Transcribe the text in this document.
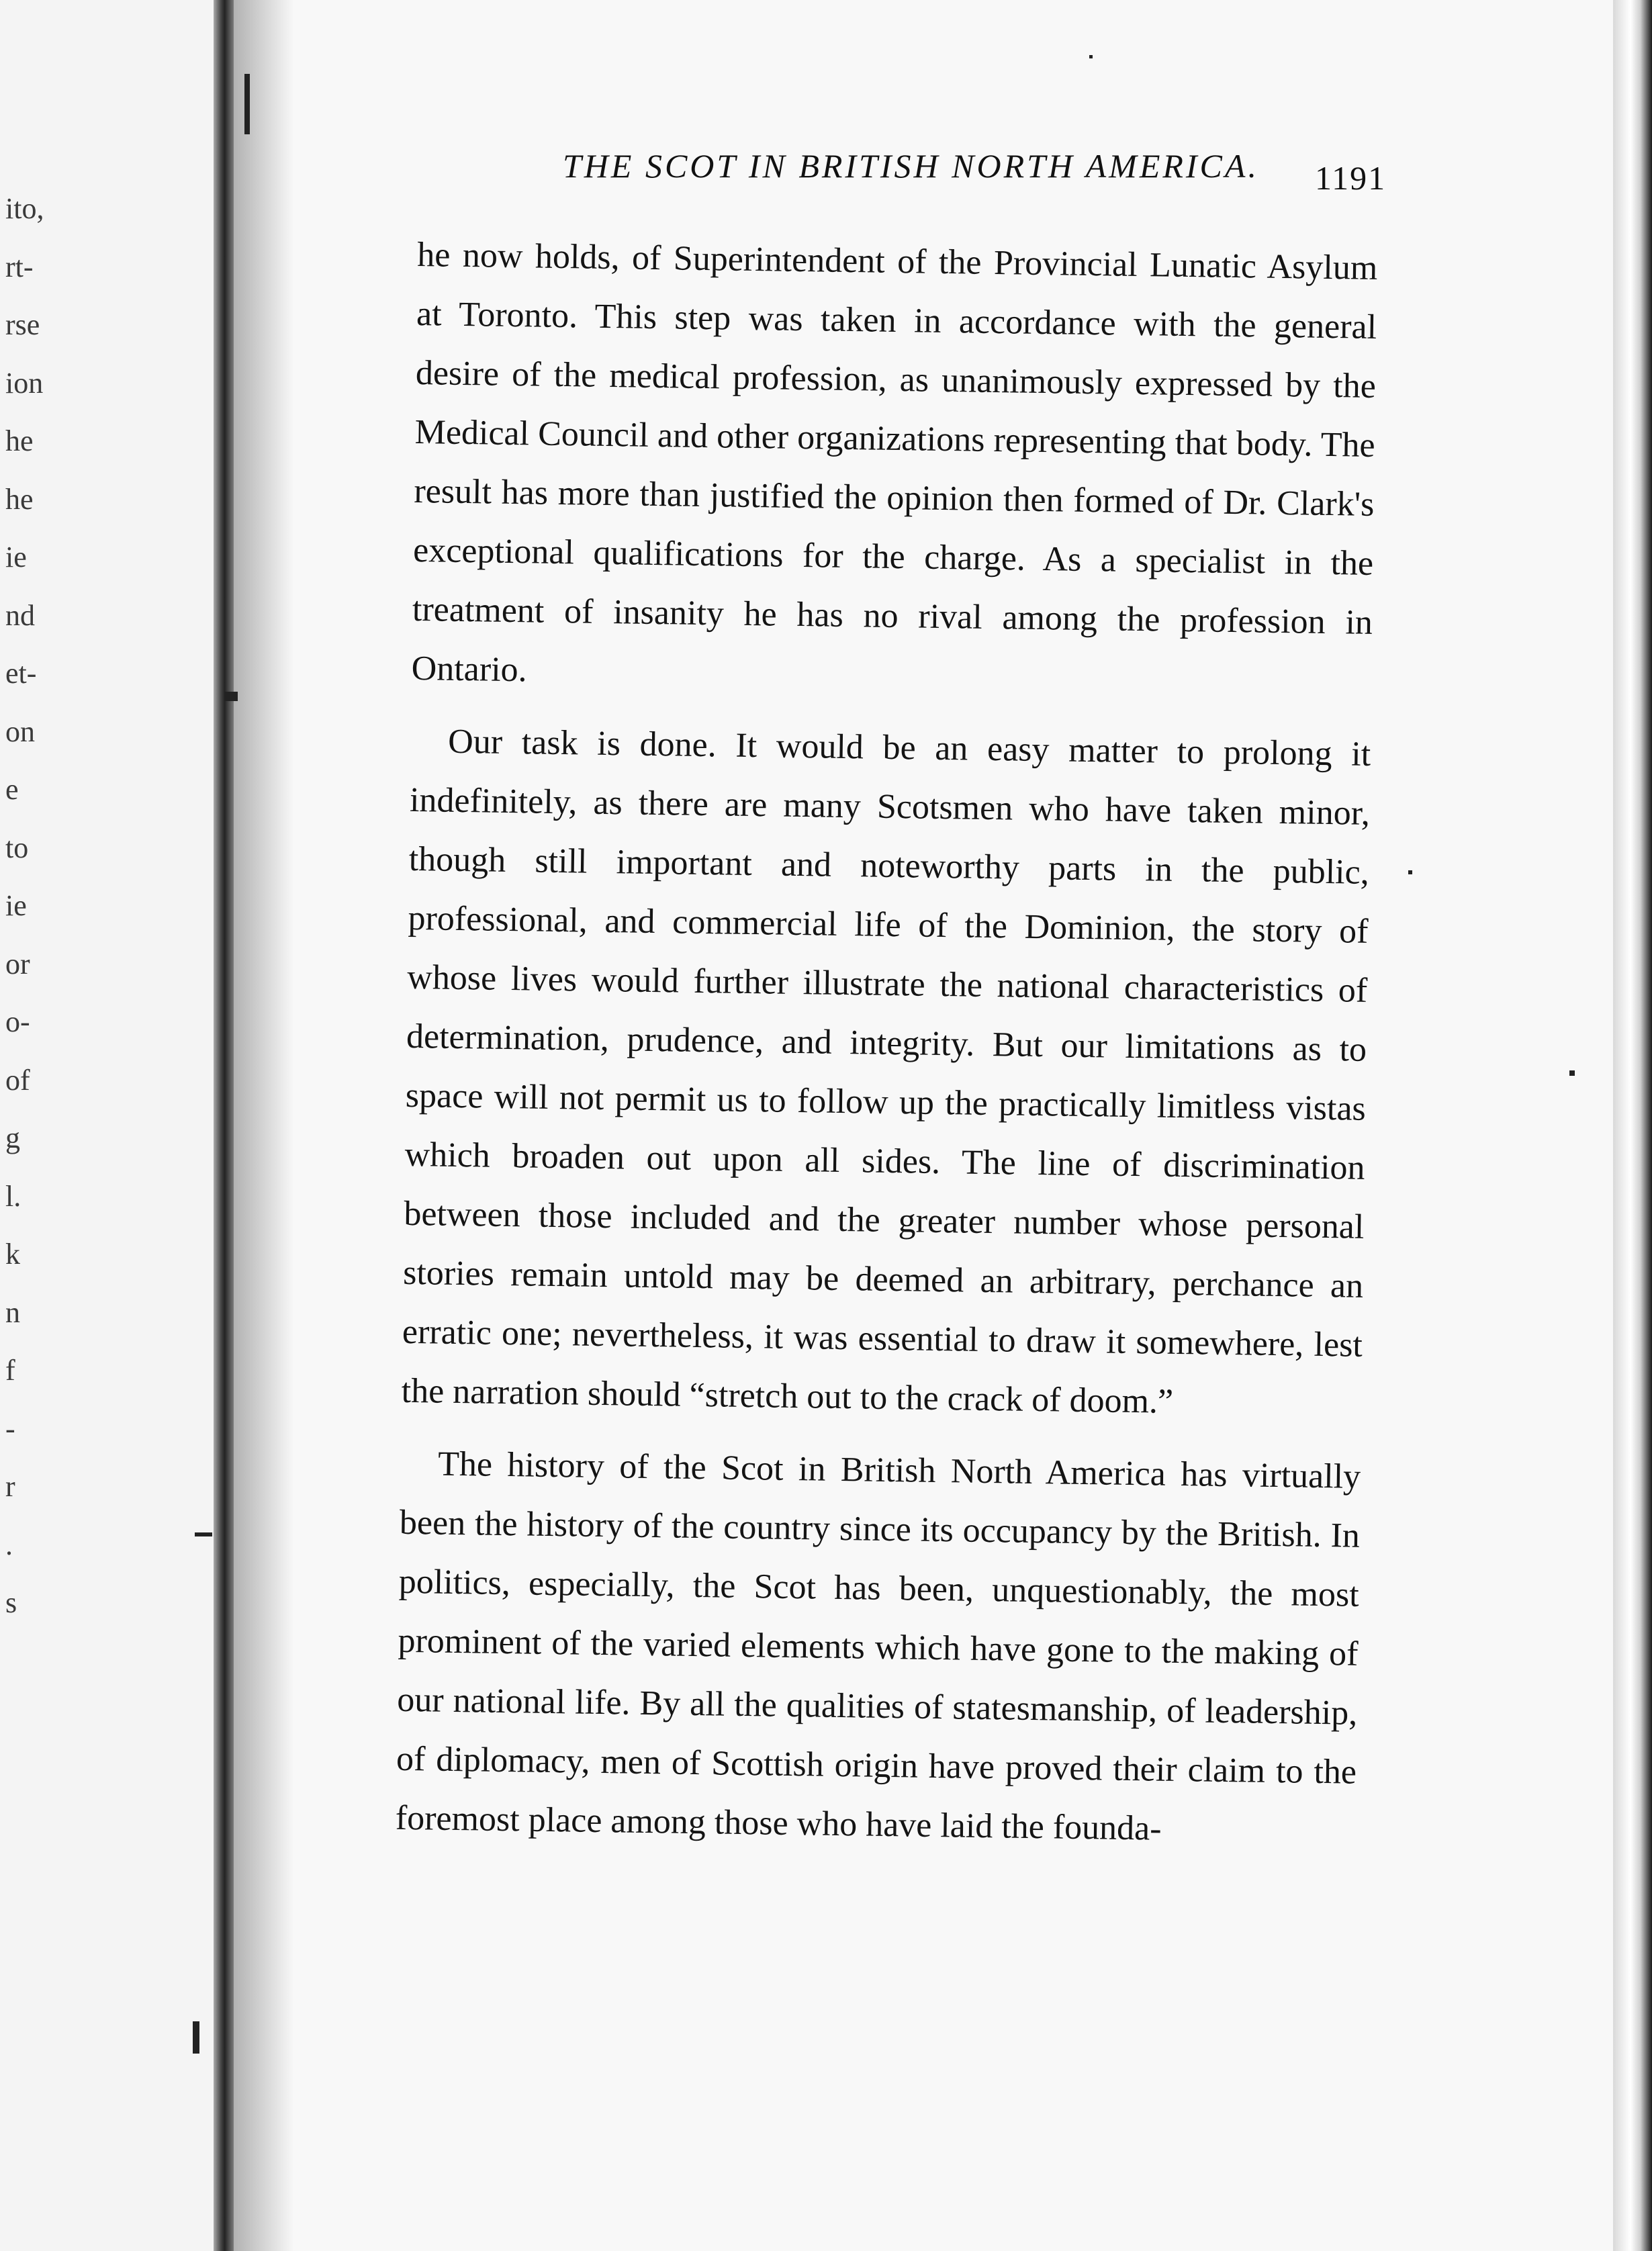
ito,
rt-
rse
ion
he
he
ie
nd
et-
on
e
to
ie
or
o-
of
g
l.
k
n
f
-
r
.
s
THE SCOT IN BRITISH NORTH AMERICA. 1191

he now holds, of Superintendent of the Provincial Lunatic Asylum at Toronto. This step was taken in accordance with the general desire of the medical profession, as unanimously expressed by the Medical Council and other organizations representing that body. The result has more than justified the opinion then formed of Dr. Clark's exceptional qualifications for the charge. As a specialist in the treatment of insanity he has no rival among the profession in Ontario.

Our task is done. It would be an easy matter to prolong it indefinitely, as there are many Scotsmen who have taken minor, though still important and noteworthy parts in the public, professional, and commercial life of the Dominion, the story of whose lives would further illustrate the national characteristics of determination, prudence, and integrity. But our limitations as to space will not permit us to follow up the practically limitless vistas which broaden out upon all sides. The line of discrimination between those included and the greater number whose personal stories remain untold may be deemed an arbitrary, perchance an erratic one; nevertheless, it was essential to draw it somewhere, lest the narration should “stretch out to the crack of doom.”

The history of the Scot in British North America has virtually been the history of the country since its occupancy by the British. In politics, especially, the Scot has been, unquestionably, the most prominent of the varied elements which have gone to the making of our national life. By all the qualities of statesmanship, of leadership, of diplomacy, men of Scottish origin have proved their claim to the foremost place among those who have laid the founda-
